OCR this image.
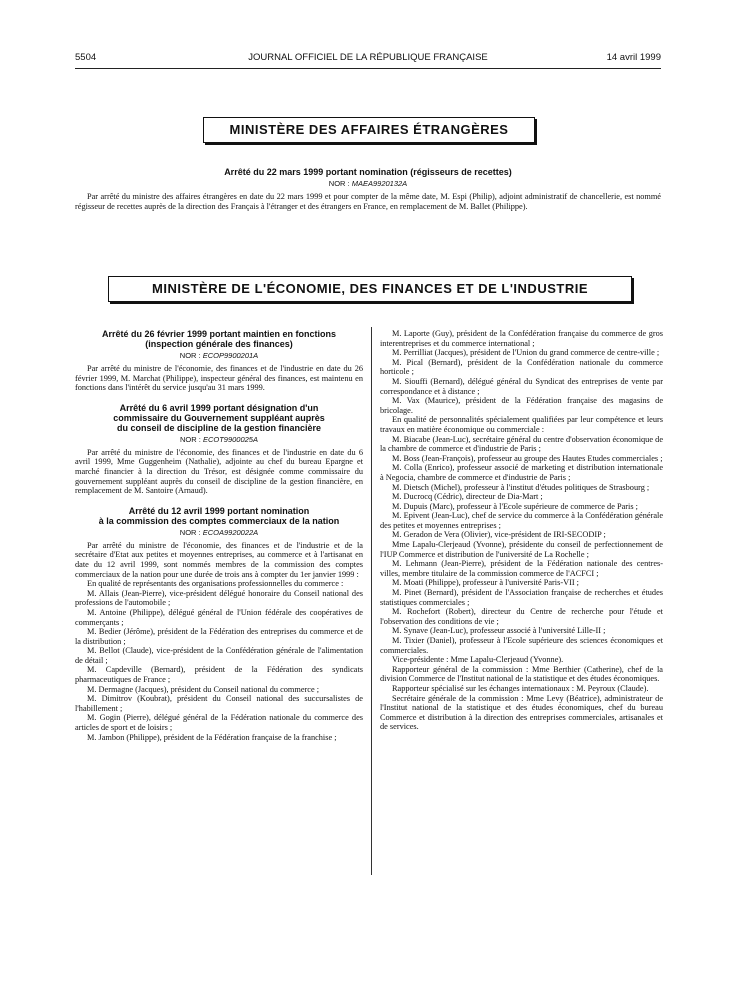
5504	JOURNAL OFFICIEL DE LA RÉPUBLIQUE FRANÇAISE	14 avril 1999
MINISTÈRE DES AFFAIRES ÉTRANGÈRES
Arrêté du 22 mars 1999 portant nomination (régisseurs de recettes)
NOR : MAEA9920132A

Par arrêté du ministre des affaires étrangères en date du 22 mars 1999 et pour compter de la même date, M. Espi (Philip), adjoint administratif de chancellerie, est nommé régisseur de recettes auprès de la direction des Français à l'étranger et des étrangers en France, en remplacement de M. Ballet (Philippe).

MINISTÈRE DE L'ÉCONOMIE, DES FINANCES ET DE L'INDUSTRIE
Arrêté du 26 février 1999 portant maintien en fonctions
(inspection générale des finances)
NOR : ECOP9900201A

Par arrêté du ministre de l'économie, des finances et de l'industrie en date du 26 février 1999, M. Marchat (Philippe), inspecteur général des finances, est maintenu en fonctions dans l'intérêt du service jusqu'au 31 mars 1999.

Arrêté du 6 avril 1999 portant désignation d'un
commissaire du Gouvernement suppléant auprès
du conseil de discipline de la gestion financière
NOR : ECOT9900025A

Par arrêté du ministre de l'économie, des finances et de l'industrie en date du 6 avril 1999, Mme Guggenheim (Nathalie), adjointe au chef du bureau Epargne et marché financier à la direction du Trésor, est désignée comme commissaire du gouvernement suppléant auprès du conseil de discipline de la gestion financière, en remplacement de M. Santoire (Arnaud).

Arrêté du 12 avril 1999 portant nomination
à la commission des comptes commerciaux de la nation
NOR : ECOA9920022A

Par arrêté du ministre de l'économie, des finances et de l'industrie et de la secrétaire d'Etat aux petites et moyennes entreprises, au commerce et à l'artisanat en date du 12 avril 1999, sont nommés membres de la commission des comptes commerciaux de la nation pour une durée de trois ans à compter du 1er janvier 1999 :

En qualité de représentants des organisations professionnelles du commerce :

M. Allais (Jean-Pierre), vice-président délégué honoraire du Conseil national des professions de l'automobile ;

M. Antoine (Philippe), délégué général de l'Union fédérale des coopératives de commerçants ;

M. Bedier (Jérôme), président de la Fédération des entreprises du commerce et de la distribution ;

M. Bellot (Claude), vice-président de la Confédération générale de l'alimentation de détail ;

M. Capdeville (Bernard), président de la Fédération des syndicats pharmaceutiques de France ;

M. Dermagne (Jacques), président du Conseil national du commerce ;

M. Dimitrov (Koubrat), président du Conseil national des succursalistes de l'habillement ;

M. Gogin (Pierre), délégué général de la Fédération nationale du commerce des articles de sport et de loisirs ;

M. Jambon (Philippe), président de la Fédération française de la franchise ;

M. Laporte (Guy), président de la Confédération française du commerce de gros interentreprises et du commerce international ;

M. Perrilliat (Jacques), président de l'Union du grand commerce de centre-ville ;

M. Pical (Bernard), président de la Confédération nationale du commerce horticole ;

M. Siouffi (Bernard), délégué général du Syndicat des entreprises de vente par correspondance et à distance ;

M. Vax (Maurice), président de la Fédération française des magasins de bricolage.

En qualité de personnalités spécialement qualifiées par leur compétence et leurs travaux en matière économique ou commerciale :

M. Biacabe (Jean-Luc), secrétaire général du centre d'observation économique de la chambre de commerce et d'industrie de Paris ;

M. Boss (Jean-François), professeur au groupe des Hautes Etudes commerciales ;

M. Colla (Enrico), professeur associé de marketing et distribution internationale à Negocia, chambre de commerce et d'industrie de Paris ;

M. Dietsch (Michel), professeur à l'institut d'études politiques de Strasbourg ;

M. Ducrocq (Cédric), directeur de Dia-Mart ;

M. Dupuis (Marc), professeur à l'Ecole supérieure de commerce de Paris ;

M. Epivent (Jean-Luc), chef de service du commerce à la Confédération générale des petites et moyennes entreprises ;

M. Geradon de Vera (Olivier), vice-président de IRI-SECODIP ;

Mme Lapalu-Clerjeaud (Yvonne), présidente du conseil de perfectionnement de l'IUP Commerce et distribution de l'université de La Rochelle ;

M. Lehmann (Jean-Pierre), président de la Fédération nationale des centres-villes, membre titulaire de la commission commerce de l'ACFCI ;

M. Moati (Philippe), professeur à l'université Paris-VII ;

M. Pinet (Bernard), président de l'Association française de recherches et études statistiques commerciales ;

M. Rochefort (Robert), directeur du Centre de recherche pour l'étude et l'observation des conditions de vie ;

M. Synave (Jean-Luc), professeur associé à l'université Lille-II ;

M. Tixier (Daniel), professeur à l'Ecole supérieure des sciences économiques et commerciales.

Vice-présidente : Mme Lapalu-Clerjeaud (Yvonne).

Rapporteur général de la commission : Mme Berthier (Catherine), chef de la division Commerce de l'Institut national de la statistique et des études économiques.

Rapporteur spécialisé sur les échanges internationaux : M. Peyroux (Claude).

Secrétaire générale de la commission : Mme Levy (Béatrice), administrateur de l'Institut national de la statistique et des études économiques, chef du bureau Commerce et distribution à la direction des entreprises commerciales, artisanales et de services.
